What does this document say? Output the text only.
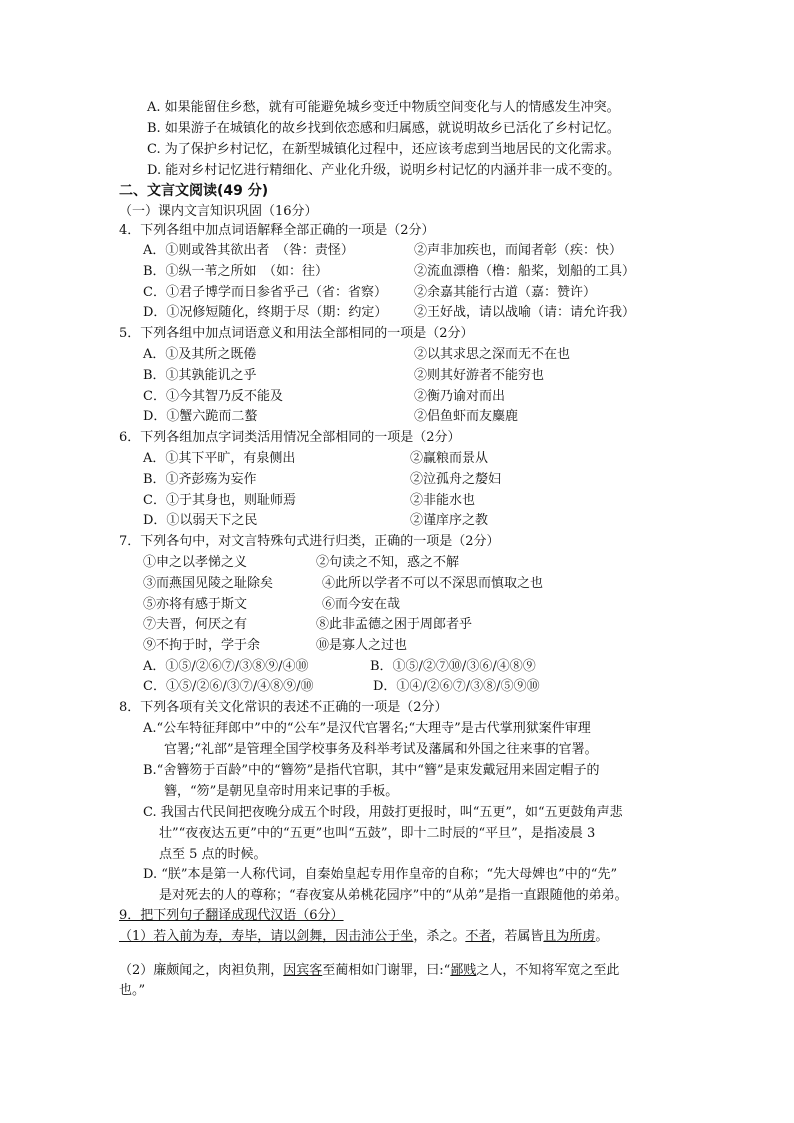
A. 如果能留住乡愁，就有可能避免城乡变迁中物质空间变化与人的情感发生冲突。
B. 如果游子在城镇化的故乡找到依恋感和归属感，就说明故乡已活化了乡村记忆。
C. 为了保护乡村记忆，在新型城镇化过程中，还应该考虑到当地居民的文化需求。
D. 能对乡村记忆进行精细化、产业化升级，说明乡村记忆的内涵并非一成不变的。
二、文言文阅读(49 分)
（一）课内文言知识巩固（16分）
4．下列各组中加点词语解释全部正确的一项是（2分）
A．①则或咎其欲出者　（咎：责怪）	②声非加疾也，而闻者彰（疾：快）
B．①纵一苇之所如　（如：往）	②流血漂橹（橹：船桨，划船的工具）
C．①君子博学而日参省乎己（省：省察） ②余嘉其能行古道（嘉：赞许）
D．①况修短随化，终期于尽（期：约定） ②王好战，请以战喻（请：请允许我）
5．下列各组中加点词语意义和用法全部相同的一项是（2分）
A．①及其所之既倦	②以其求思之深而无不在也
B．①其孰能讥之乎	②则其好游者不能穷也
C．①今其智乃反不能及	②衡乃谕对而出
D．①蟹六跪而二螯	②侣鱼虾而友麋鹿
6．下列各组加点字词类活用情况全部相同的一项是（2分）
A．①其下平旷，有泉侧出	②赢粮而景从
B．①齐彭殇为妄作	②泣孤舟之嫠妇
C．①于其身也，则耻师焉	②非能水也
D．①以弱天下之民	②谨庠序之教
7．下列各句中，对文言特殊句式进行归类，正确的一项是（2分）
①申之以孝悌之义	②句读之不知，惑之不解
③而燕国见陵之耻除矣	④此所以学者不可以不深思而慎取之也
⑤亦将有感于斯文	⑥而今安在哉
⑦夫晋，何厌之有	⑧此非孟德之困于周郎者乎
⑨不拘于时，学于余	⑩是寡人之过也
A．①⑤/②⑥⑦/③⑧⑨/④⑩	B．①⑤/②⑦⑩/③⑥/④⑧⑨
C．①⑤/②⑥/③⑦/④⑧⑨/⑩	D．①④/②⑥⑦/③⑧/⑤⑨⑩
8．下列各项有关文化常识的表述不正确的一项是（2分）
A.“公车特征拜郎中”中的“公车”是汉代官署名;“大理寺”是古代掌刑狱案件审理
官署;“礼部”是管理全国学校事务及科举考试及藩属和外国之往来事的官署。
B.“舍簪笏于百龄”中的“簪笏”是指代官职，其中“簪”是束发戴冠用来固定帽子的
簪，“笏”是朝见皇帝时用来记事的手板。
C. 我国古代民间把夜晚分成五个时段，用鼓打更报时，叫“五更”，如“五更鼓角声悲
壮”“夜夜达五更”中的“五更”也叫“五鼓”，即十二时辰的“平旦”，是指凌晨 3
点至 5 点的时候。
D. “朕”本是第一人称代词，自秦始皇起专用作皇帝的自称；“先大母婢也”中的“先”
是对死去的人的尊称；“春夜宴从弟桃花园序”中的“从弟”是指一直跟随他的弟弟。
9．把下列句子翻译成现代汉语（6分）
（1）若入前为寿，寿毕，请以剑舞，因击沛公于坐，杀之。不者，若属皆且为所虏。
（2）廉颇闻之，肉袒负荆，因宾客至蔺相如门谢罪，曰:“鄙贱之人，不知将军宽之至此
也。”
